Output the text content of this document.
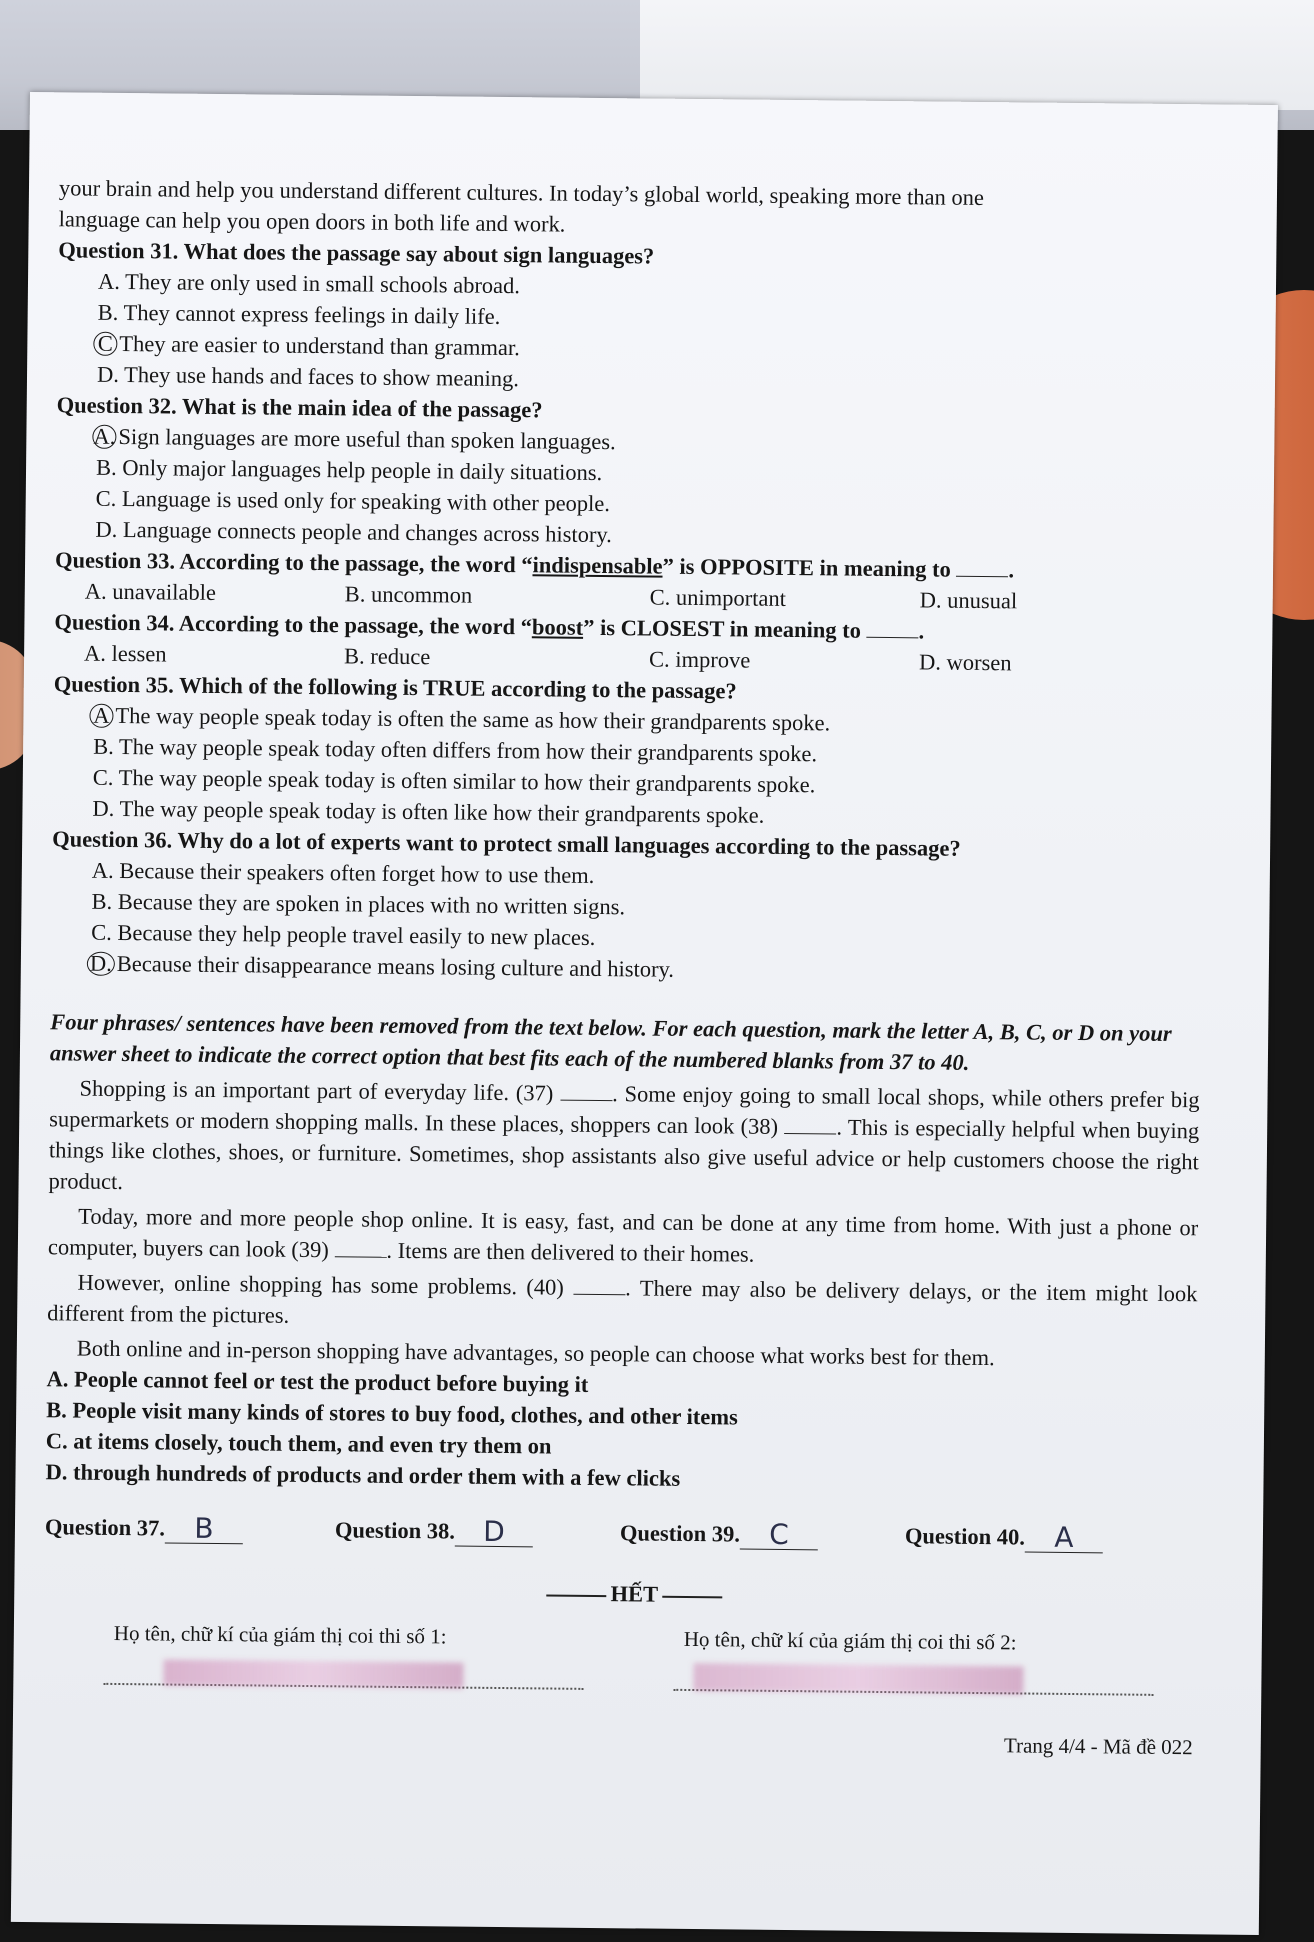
your brain and help you understand different cultures. In today’s global world, speaking more than one

language can help you open doors in both life and work.

Question 31. What does the passage say about sign languages?

A. They are only used in small schools abroad.

B. They cannot express feelings in daily life.

C They are easier to understand than grammar.

D. They use hands and faces to show meaning.

Question 32. What is the main idea of the passage?

A. Sign languages are more useful than spoken languages.

B. Only major languages help people in daily situations.

C. Language is used only for speaking with other people.

D. Language connects people and changes across history.

Question 33. According to the passage, the word “indispensable” is OPPOSITE in meaning to	.

A. unavailable	B. uncommon	C. unimportant	D. unusual

Question 34. According to the passage, the word “boost” is CLOSEST in meaning to	.

A. lessen	B. reduce	C. improve	D. worsen

Question 35. Which of the following is TRUE according to the passage?

A The way people speak today is often the same as how their grandparents spoke.

B. The way people speak today often differs from how their grandparents spoke.

C. The way people speak today is often similar to how their grandparents spoke.

D. The way people speak today is often like how their grandparents spoke.

Question 36. Why do a lot of experts want to protect small languages according to the passage?

A. Because their speakers often forget how to use them.

B. Because they are spoken in places with no written signs.

C. Because they help people travel easily to new places.

D. Because their disappearance means losing culture and history.

Four phrases/ sentences have been removed from the text below. For each question, mark the letter A, B, C, or D on your answer sheet to indicate the correct option that best fits each of the numbered blanks from 37 to 40.

Shopping is an important part of everyday life. (37)	. Some enjoy going to small local shops, while others prefer big supermarkets or modern shopping malls. In these places, shoppers can look (38)	. This is especially helpful when buying things like clothes, shoes, or furniture. Sometimes, shop assistants also give useful advice or help customers choose the right product.

Today, more and more people shop online. It is easy, fast, and can be done at any time from home. With just a phone or computer, buyers can look (39)	. Items are then delivered to their homes.

However, online shopping has some problems. (40)	. There may also be delivery delays, or the item might look different from the pictures.

Both online and in-person shopping have advantages, so people can choose what works best for them.

A. People cannot feel or test the product before buying it

B. People visit many kinds of stores to buy food, clothes, and other items

C. at items closely, touch them, and even try them on

D. through hundreds of products and order them with a few clicks

Question 37.	B	Question 38. D	Question 39.	C	Question 40.	A
HẾT
Họ tên, chữ kí của giám thị coi thi số 1:	Họ tên, chữ kí của giám thị coi thi số 2:
Trang 4/4 - Mã đề 022
